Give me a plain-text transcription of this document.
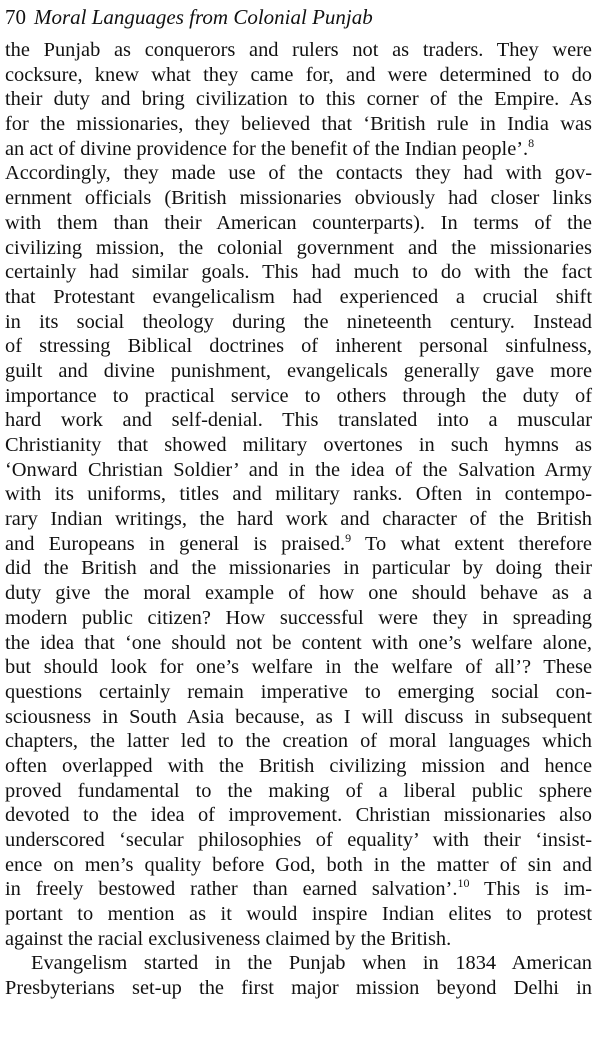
70 Moral Languages from Colonial Punjab
the Punjab as conquerors and rulers not as traders. They were
cocksure, knew what they came for, and were determined to do
their duty and bring civilization to this corner of the Empire. As
for the missionaries, they believed that ‘British rule in India was
an act of divine providence for the benefit of the Indian people’.$^8$
Accordingly, they made use of the contacts they had with gov-
ernment officials (British missionaries obviously had closer links
with them than their American counterparts). In terms of the
civilizing mission, the colonial government and the missionaries
certainly had similar goals. This had much to do with the fact
that Protestant evangelicalism had experienced a crucial shift
in its social theology during the nineteenth century. Instead
of stressing Biblical doctrines of inherent personal sinfulness,
guilt and divine punishment, evangelicals generally gave more
importance to practical service to others through the duty of
hard work and self-denial. This translated into a muscular
Christianity that showed military overtones in such hymns as
‘Onward Christian Soldier’ and in the idea of the Salvation Army
with its uniforms, titles and military ranks. Often in contempo-
rary Indian writings, the hard work and character of the British
and Europeans in general is praised.$^9$ To what extent therefore
did the British and the missionaries in particular by doing their
duty give the moral example of how one should behave as a
modern public citizen? How successful were they in spreading
the idea that ‘one should not be content with one’s welfare alone,
but should look for one’s welfare in the welfare of all’? These
questions certainly remain imperative to emerging social con-
sciousness in South Asia because, as I will discuss in subsequent
chapters, the latter led to the creation of moral languages which
often overlapped with the British civilizing mission and hence
proved fundamental to the making of a liberal public sphere
devoted to the idea of improvement. Christian missionaries also
underscored ‘secular philosophies of equality’ with their ‘insist-
ence on men’s quality before God, both in the matter of sin and
in freely bestowed rather than earned salvation’.$^{10}$ This is im-
portant to mention as it would inspire Indian elites to protest
against the racial exclusiveness claimed by the British.
Evangelism started in the Punjab when in 1834 American
Presbyterians set-up the first major mission beyond Delhi in
